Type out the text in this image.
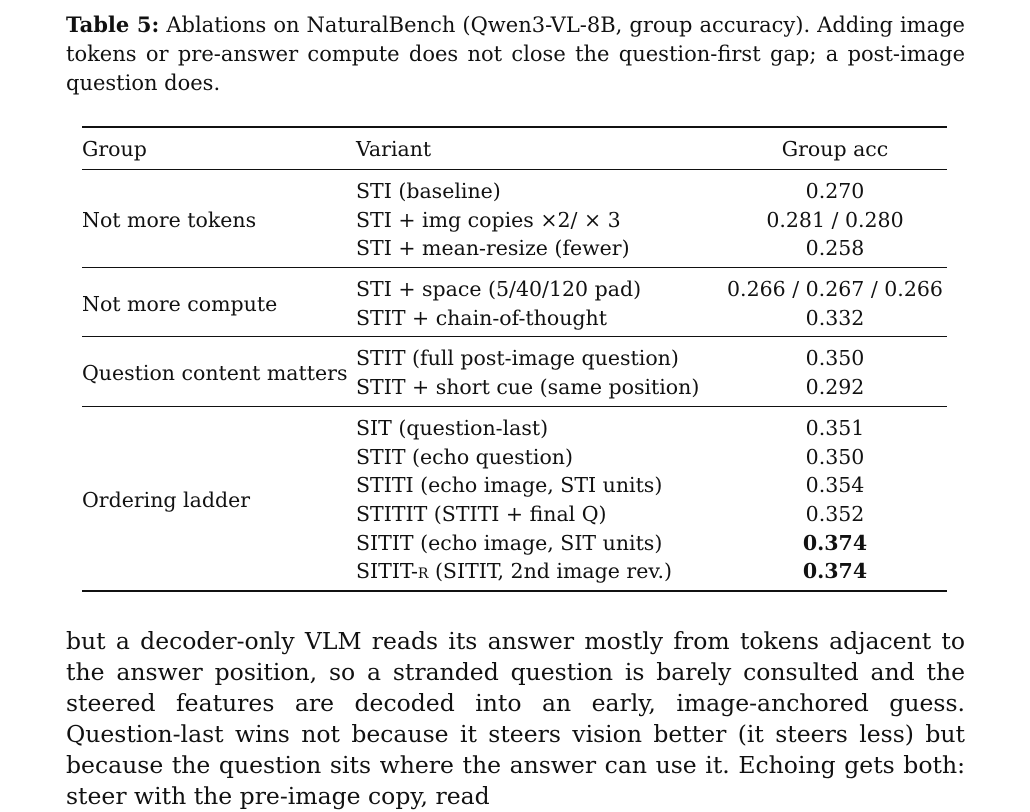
Table 5: Ablations on NaturalBench (Qwen3-VL-8B, group accuracy). Adding image tokens or pre-answer compute does not close the question-first gap; a post-image question does.
Group	Variant	Group acc
Not more tokens
STI (baseline)	0.270
STI + img copies ×2/ × 3	0.281 / 0.280
STI + mean-resize (fewer)	0.258
Not more compute
STI + space (5/40/120 pad)	0.266 / 0.267 / 0.266
STIT + chain-of-thought	0.332
Question content matters
STIT (full post-image question)	0.350
STIT + short cue (same position)	0.292
Ordering ladder
SIT (question-last)	0.351
STIT (echo question)	0.350
STITI (echo image, STI units)	0.354
STITIT (STITI + final Q)	0.352
SITIT (echo image, SIT units)	0.374
SITIT-r (SITIT, 2nd image rev.)	0.374
but a decoder-only VLM reads its answer mostly from tokens adjacent to the answer position, so a stranded question is barely consulted and the steered features are decoded into an early, image-anchored guess. Question-last wins not because it steers vision better (it steers less) but because the question sits where the answer can use it. Echoing gets both: steer with the pre-image copy, read
